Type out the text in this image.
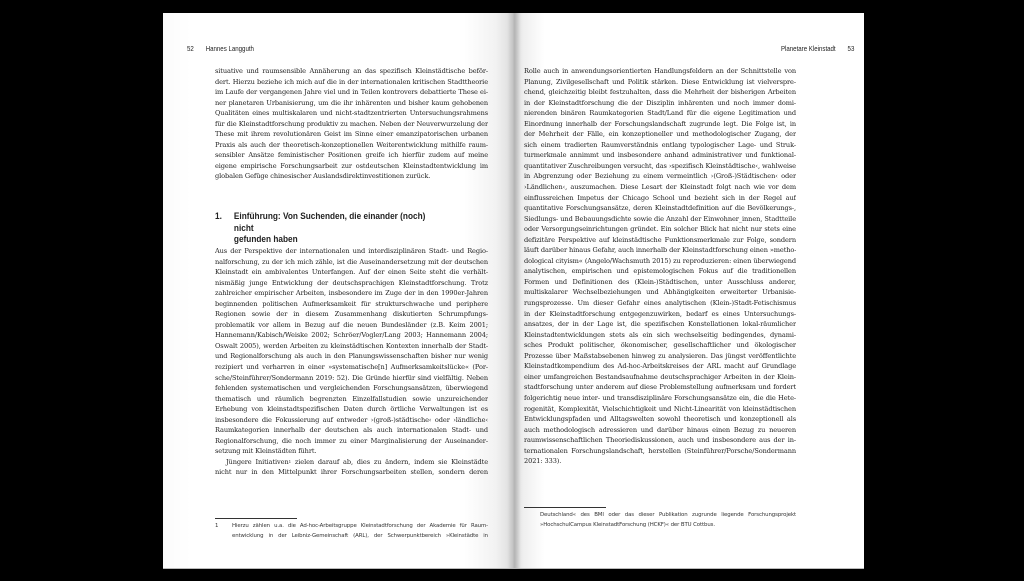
52 Hannes Langguth
situative und raumsensible Annäherung an das spezifisch Kleinstädtische beför-
dert. Hierzu beziehe ich mich auf die in der internationalen kritischen Stadttheorie
im Laufe der vergangenen Jahre viel und in Teilen kontrovers debattierte These ei-
ner planetaren Urbanisierung, um die ihr inhärenten und bisher kaum gehobenen
Qualitäten eines multiskalaren und nicht-stadtzentrierten Untersuchungsrahmens
für die Kleinstadtforschung produktiv zu machen. Neben der Neuverwurzelung der
These mit ihrem revolutionären Geist im Sinne einer emanzipatorischen urbanen
Praxis als auch der theoretisch-konzeptionellen Weiterentwicklung mithilfe raum-
sensibler Ansätze feministischer Positionen greife ich hierfür zudem auf meine
eigene empirische Forschungsarbeit zur ostdeutschen Kleinstadtentwicklung im
globalen Gefüge chinesischer Auslandsdirektinvestitionen zurück.
1. Einführung: Von Suchenden, die einander (noch) nicht
gefunden haben
Aus der Perspektive der internationalen und interdisziplinären Stadt- und Regio-
nalforschung, zu der ich mich zähle, ist die Auseinandersetzung mit der deutschen
Kleinstadt ein ambivalentes Unterfangen. Auf der einen Seite steht die verhält-
nismäßig junge Entwicklung der deutschsprachigen Kleinstadtforschung. Trotz
zahlreicher empirischer Arbeiten, insbesondere im Zuge der in den 1990er-Jahren
beginnenden politischen Aufmerksamkeit für strukturschwache und periphere
Regionen sowie der in diesem Zusammenhang diskutierten Schrumpfungs-
problematik vor allem in Bezug auf die neuen Bundesländer (z.B. Keim 2001;
Hannemann/Kabisch/Weiske 2002; Schröer/Vogler/Lang 2003; Hannemann 2004;
Oswalt 2005), werden Arbeiten zu kleinstädtischen Kontexten innerhalb der Stadt-
und Regionalforschung als auch in den Planungswissenschaften bisher nur wenig
rezipiert und verharren in einer »systematische[n] Aufmerksamkeitslücke« (Por-
sche/Steinführer/Sondermann 2019: 52). Die Gründe hierfür sind vielfältig. Neben
fehlenden systematischen und vergleichenden Forschungsansätzen, überwiegend
thematisch und räumlich begrenzten Einzelfallstudien sowie unzureichender
Erhebung von kleinstadtspezifischen Daten durch örtliche Verwaltungen ist es
insbesondere die Fokussierung auf entweder ›(groß-)städtische‹ oder ›ländliche‹
Raumkategorien innerhalb der deutschen als auch internationalen Stadt- und
Regionalforschung, die noch immer zu einer Marginalisierung der Auseinander-
setzung mit Kleinstädten führt.
Jüngere Initiativen$^1$ zielen darauf ab, dies zu ändern, indem sie Kleinstädte
nicht nur in den Mittelpunkt ihrer Forschungsarbeiten stellen, sondern deren
1	Hierzu zählen u.a. die Ad-hoc-Arbeitsgruppe Kleinstadtforschung der Akademie für Raum-
entwicklung in der Leibniz-Gemeinschaft (ARL), der Schwerpunktbereich »Kleinstädte in
Planetare Kleinstadt 53
Rolle auch in anwendungsorientierten Handlungsfeldern an der Schnittstelle von
Planung, Zivilgesellschaft und Politik stärken. Diese Entwicklung ist vielverspre-
chend, gleichzeitig bleibt festzuhalten, dass die Mehrheit der bisherigen Arbeiten
in der Kleinstadtforschung die der Disziplin inhärenten und noch immer domi-
nierenden binären Raumkategorien Stadt/Land für die eigene Legitimation und
Einordnung innerhalb der Forschungslandschaft zugrunde legt. Die Folge ist, in
der Mehrheit der Fälle, ein konzeptioneller und methodologischer Zugang, der
sich einem tradierten Raumverständnis entlang typologischer Lage- und Struk-
turmerkmale annimmt und insbesondere anhand administrativer und funktional-
quantitativer Zuschreibungen versucht, das ›spezifisch Kleinstädtische‹, wahlweise
in Abgrenzung oder Beziehung zu einem vermeintlich ›(Groß-)Städtischen‹ oder
›Ländlichen‹, auszumachen. Diese Lesart der Kleinstadt folgt nach wie vor dem
einflussreichen Impetus der Chicago School und bezieht sich in der Regel auf
quantitative Forschungsansätze, deren Kleinstadtdefinition auf die Bevölkerungs-,
Siedlungs- und Bebauungsdichte sowie die Anzahl der Einwohner_innen, Stadtteile
oder Versorgungseinrichtungen gründet. Ein solcher Blick hat nicht nur stets eine
defizitäre Perspektive auf kleinstädtische Funktionsmerkmale zur Folge, sondern
läuft darüber hinaus Gefahr, auch innerhalb der Kleinstadtforschung einen »metho-
dological cityism« (Angelo/Wachsmuth 2015) zu reproduzieren: einen überwiegend
analytischen, empirischen und epistemologischen Fokus auf die traditionellen
Formen und Definitionen des (Klein-)Städtischen, unter Ausschluss anderer,
multiskalarer Wechselbeziehungen und Abhängigkeiten erweiterter Urbanisie-
rungsprozesse. Um dieser Gefahr eines analytischen (Klein-)Stadt-Fetischismus
in der Kleinstadtforschung entgegenzuwirken, bedarf es eines Untersuchungs-
ansatzes, der in der Lage ist, die spezifischen Konstellationen lokal-räumlicher
Kleinstadtentwicklungen stets als ein sich wechselseitig bedingendes, dynami-
sches Produkt politischer, ökonomischer, gesellschaftlicher und ökologischer
Prozesse über Maßstabsebenen hinweg zu analysieren. Das jüngst veröffentlichte
Kleinstadtkompendium des Ad-hoc-Arbeitskreises der ARL macht auf Grundlage
einer umfangreichen Bestandsaufnahme deutschsprachiger Arbeiten in der Klein-
stadtforschung unter anderem auf diese Problemstellung aufmerksam und fordert
folgerichtig neue inter- und transdisziplinäre Forschungsansätze ein, die die Hete-
rogenität, Komplexität, Vielschichtigkeit und Nicht-Linearität von kleinstädtischen
Entwicklungspfaden und Alltagswelten sowohl theoretisch und konzeptionell als
auch methodologisch adressieren und darüber hinaus einen Bezug zu neueren
raumwissenschaftlichen Theoriediskussionen, auch und insbesondere aus der in-
ternationalen Forschungslandschaft, herstellen (Steinführer/Porsche/Sondermann
2021: 333).
Deutschland« des BMI oder das dieser Publikation zugrunde liegende Forschungsprojekt
»HochschulCampus KleinstadtForschung (HCKF)« der BTU Cottbus.
